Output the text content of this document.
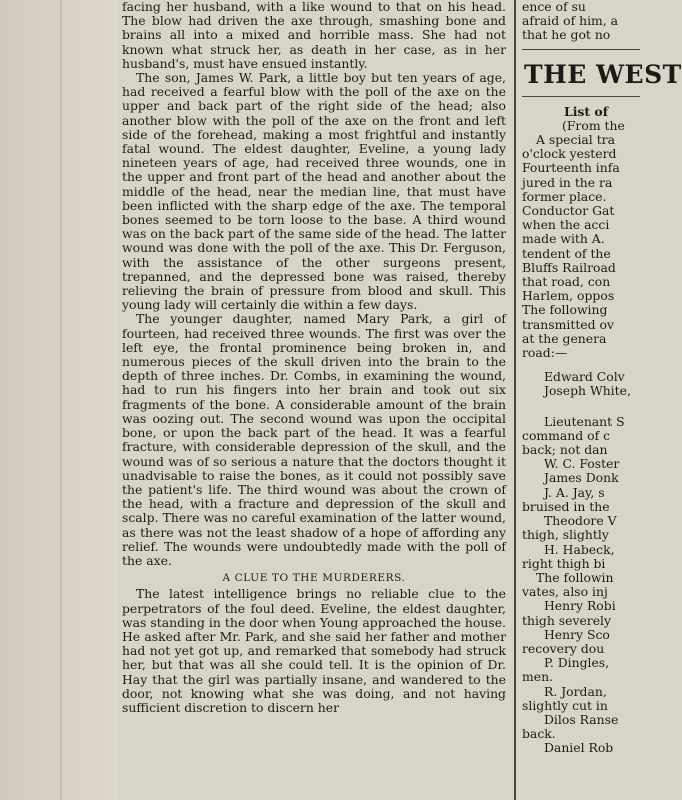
facing her husband, with a like wound to that on his head. The blow had driven the axe through, smashing bone and brains all into a mixed and horrible mass. She had not known what struck her, as death in her case, as in her husband's, must have ensued instantly.

The son, James W. Park, a little boy but ten years of age, had received a fearful blow with the poll of the axe on the upper and back part of the right side of the head; also another blow with the poll of the axe on the front and left side of the forehead, making a most frightful and instantly fatal wound. The eldest daughter, Eveline, a young lady nineteen years of age, had received three wounds, one in the upper and front part of the head and another about the middle of the head, near the median line, that must have been inflicted with the sharp edge of the axe. The temporal bones seemed to be torn loose to the base. A third wound was on the back part of the same side of the head. The latter wound was done with the poll of the axe. This Dr. Ferguson, with the assistance of the other surgeons present, trepanned, and the depressed bone was raised, thereby relieving the brain of pressure from blood and skull. This young lady will certainly die within a few days.

The younger daughter, named Mary Park, a girl of fourteen, had received three wounds. The first was over the left eye, the frontal prominence being broken in, and numerous pieces of the skull driven into the brain to the depth of three inches. Dr. Combs, in examining the wound, had to run his fingers into her brain and took out six fragments of the bone. A considerable amount of the brain was oozing out. The second wound was upon the occipital bone, or upon the back part of the head. It was a fearful fracture, with considerable depression of the skull, and the wound was of so serious a nature that the doctors thought it unadvisable to raise the bones, as it could not possibly save the patient's life. The third wound was about the crown of the head, with a fracture and depression of the skull and scalp. There was no careful examination of the latter wound, as there was not the least shadow of a hope of affording any relief. The wounds were undoubtedly made with the poll of the axe.

A CLUE TO THE MURDERERS.

The latest intelligence brings no reliable clue to the perpetrators of the foul deed. Eveline, the eldest daughter, was standing in the door when Young approached the house. He asked after Mr. Park, and she said her father and mother had not yet got up, and remarked that somebody had struck her, but that was all she could tell. It is the opinion of Dr. Hay that the girl was partially insane, and wandered to the door, not knowing what she was doing, and not having sufficient discretion to discern her

ence of su
afraid of him, a
that he got no
THE WEST
List of
(From the
A special tra
o'clock yesterd
Fourteenth infa
jured in the ra
former place.
Conductor Gat
when the acci
made with A.
tendent of the
Bluffs Railroad
that road, con
Harlem, oppos
The following
transmitted ov
at the genera
road:—
Edward Colv
Joseph White,
Lieutenant S
command of c
back; not dan
W. C. Foster
James Donk
J. A. Jay, s
bruised in the
Theodore V
thigh, slightly
H. Habeck,
right thigh bi
The followin
vates, also inj
Henry Robi
thigh severely
Henry Sco
recovery dou
P. Dingles,
men.
R. Jordan,
slightly cut in
Dilos Ranse
back.
Daniel Rob
